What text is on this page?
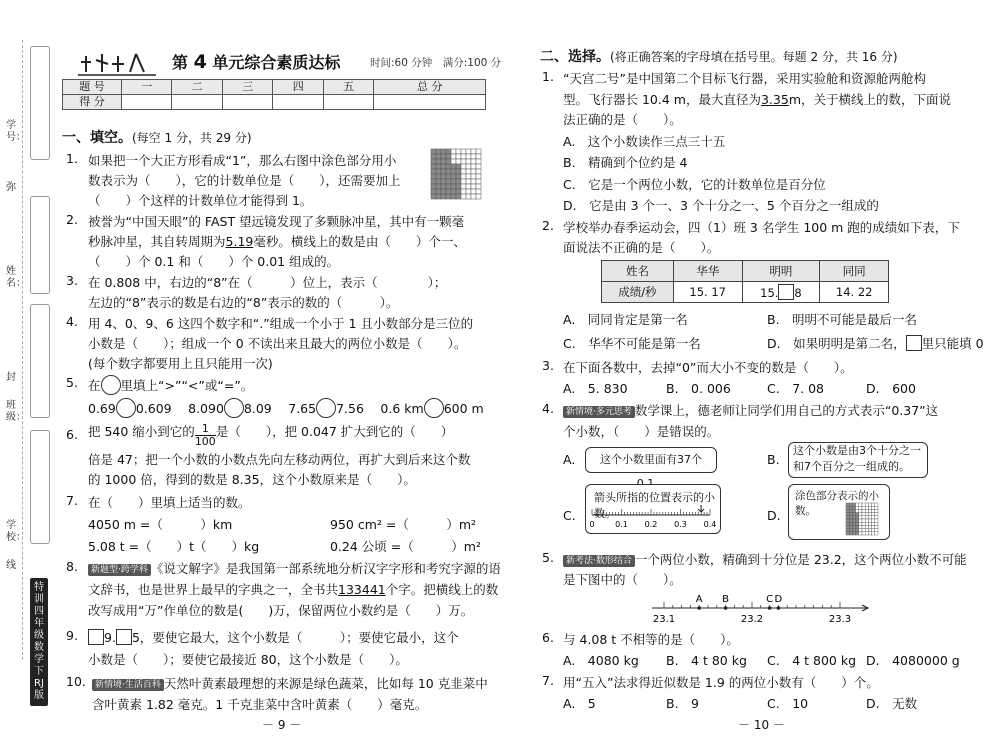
学号：
弥
姓名：
封
班级：
学校：
线
特训 四年级 数学 下 RJ版
第 4 单元综合素质达标	时间:60 分钟　满分:100 分
题 号	一	二	三	四	五	总 分
得 分						
一、填空。(每空 1 分，共 29 分)
1. 如果把一个大正方形看成“1”，那么右图中涂色部分用小
数表示为（　　），它的计数单位是（　　），还需要加上
（　　）个这样的计数单位才能得到 1。
2. 被誉为“中国天眼”的 FAST 望远镜发现了多颗脉冲星，其中有一颗毫
秒脉冲星，其自转周期为5.19毫秒。横线上的数是由（　　）个一、
（　　）个 0.1 和（　　）个 0.01 组成的。
3. 在 0.808 中，右边的“8”在（　　　）位上，表示（　　　　）；
左边的“8”表示的数是右边的“8”表示的数的（　　　）。
4. 用 4、0、9、6 这四个数字和“.”组成一个小于 1 且小数部分是三位的
小数是（　　）；组成一个 0 不读出来且最大的两位小数是（　　）。
(每个数字都要用上且只能用一次)
5. 在 里填上“>”“<”或“=”。
0.69 0.609　 8.090 8.09　 7.65 7.56　 0.6 km 600 m
6. 把 540 缩小到它的 $\frac{1}{100}$ 是（　　），把 0.047 扩大到它的（　　）
倍是 47；把一个小数的小数点先向左移动两位，再扩大到后来这个数
的 1000 倍，得到的数是 8.35，这个小数原来是（　　）。
7. 在（　　）里填上适当的数。
4050 m =（　　　）km	950 cm² =（　　　）m²
5.08 t =（　　）t（　　）kg	0.24 公顷 =（　　　）m²
8.	新题型·跨学科 《说文解字》是我国第一部系统地分析汉字字形和考究字源的语
文辞书，也是世界上最早的字典之一，全书共133441个字。把横线上的数
改写成用“万”作单位的数是(　　)万，保留两位小数约是（　　）万。
9.	9. 5，要使它最大，这个小数是（　　　）；要使它最小，这个
小数是（　　）；要使它最接近 80，这个小数是（　　）。
10.	新情境·生活百科 天然叶黄素最理想的来源是绿色蔬菜，比如每 10 克韭菜中
含叶黄素 1.82 毫克。1 千克韭菜中含叶黄素（　　）毫克。
－ 9 －
二、选择。(将正确答案的字母填在括号里。每题 2 分，共 16 分)
1. “天宫二号”是中国第二个目标飞行器，采用实验舱和资源舱两舱构
型。飞行器长 10.4 m，最大直径为3.35m，关于横线上的数，下面说
法正确的是（　　）。
A.　这个小数读作三点三十五
B.　精确到个位约是 4
C.　它是一个两位小数，它的计数单位是百分位
D.　它是由 3 个一、3 个十分之一、5 个百分之一组成的
2. 学校举办春季运动会，四（1）班 3 名学生 100 m 跑的成绩如下表，下
面说法不正确的是（　　）。
姓名	华华	明明	同同
成绩/秒	15. 17	15. 8	14. 22
A.　同同肯定是第一名	B.　明明不可能是最后一名
C.　华华不可能是第一名	D.　如果明明是第二名， 里只能填 0
3. 在下面各数中，去掉“0”而大小不变的数是（　　）。
A.　5. 830	B.　0. 006	C.　7. 08	D.　600
4.	新情境·多元思考 数学课上，德老师让同学们用自己的方式表示“0.37”这
个小数，（　　）是错误的。
A.	这个小数里面有37个	B.
这个小数是由3个十分之一
和7个百分之一组成的。
C.
箭头所指的位置表示的小数。
0	0.1 0.2 0.3 0.4
D.
涂色部分表示的小数。
5.	新考法·数形结合 一个两位小数，精确到十分位是 23.2，这个两位小数不可能
是下图中的（　　）。
23.1	23.2	23.3
A B	C D
6. 与 4.08 t 不相等的是（　　）。
A.　4080 kg B.　4 t 80 kg C.　4 t 800 kg D.　4080000 g
7. 用“五入”法求得近似数是 1.9 的两位小数有（　　）个。
A.　5	B.　9	C.　10	D.　无数
－ 10 －
